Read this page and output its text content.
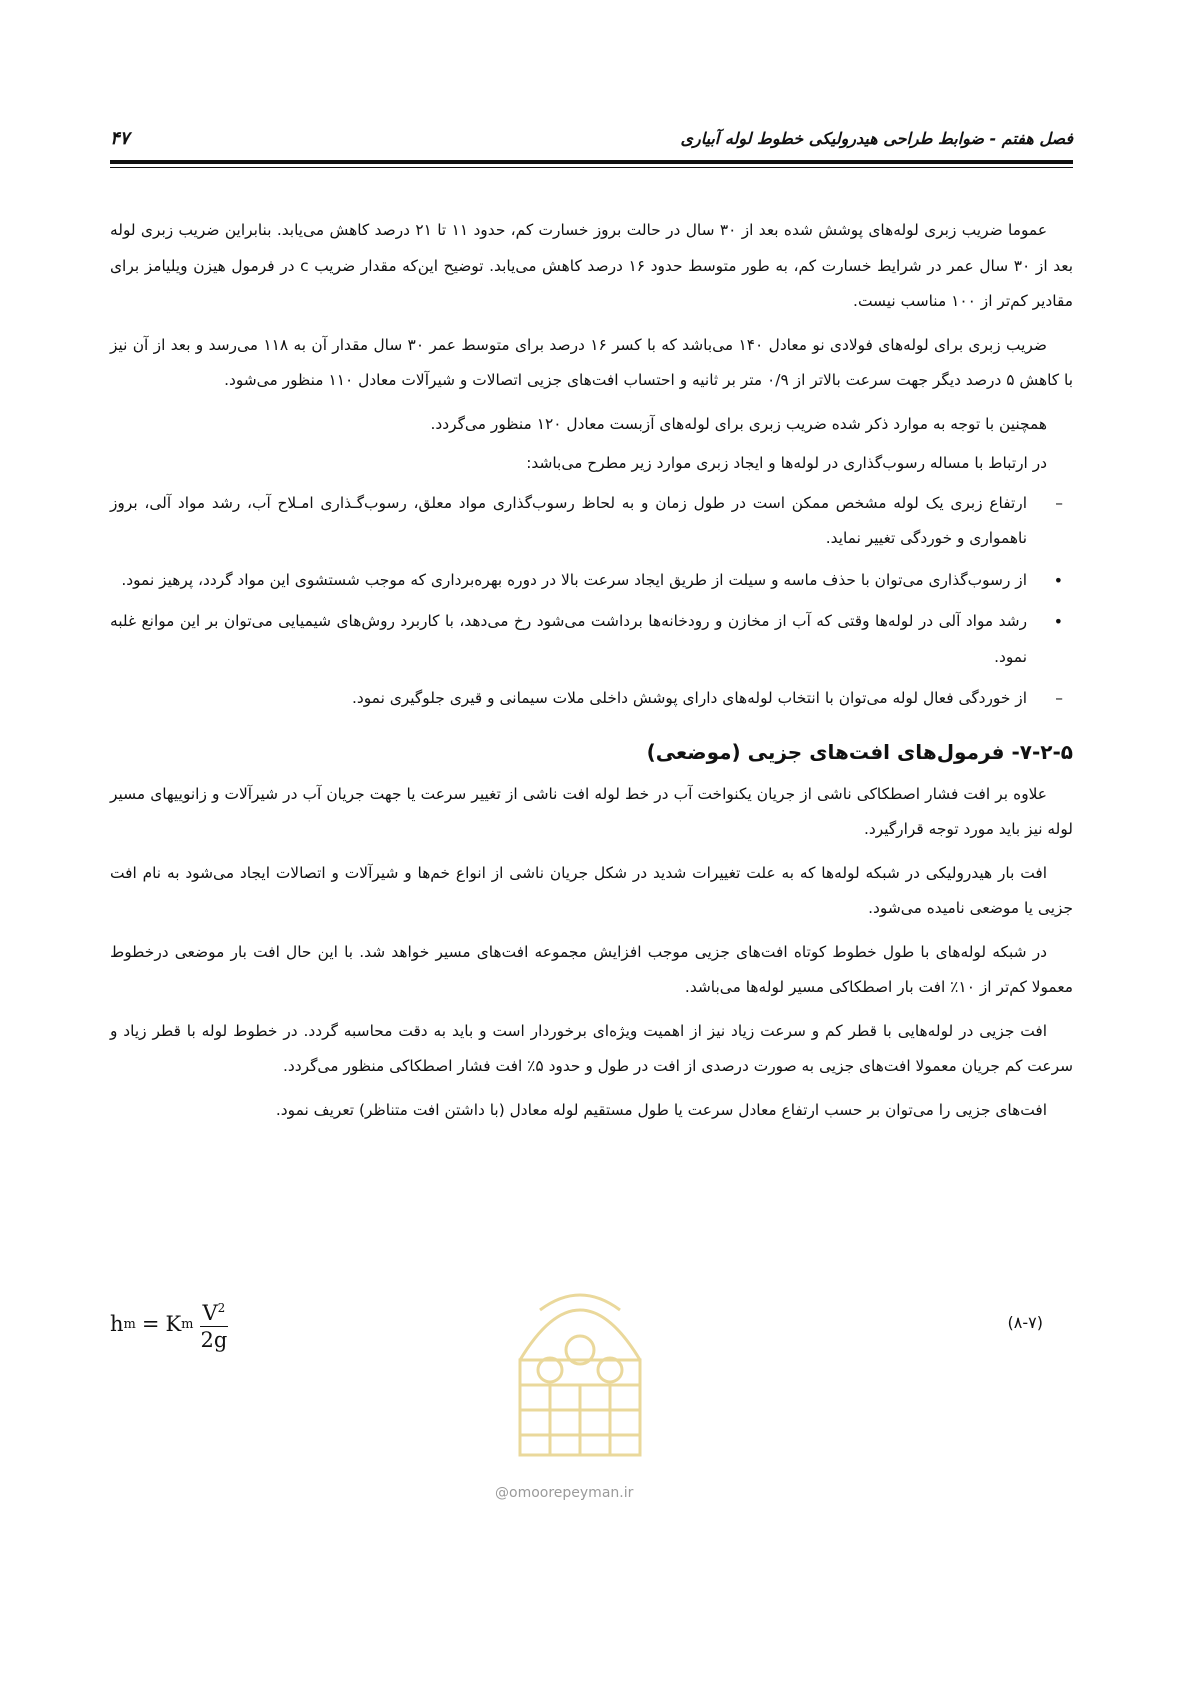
فصل هفتم - ضوابط طراحی هیدرولیکی خطوط لوله آبیاری
۴۷

عموما ضریب زبری لوله‌های پوشش شده بعد از ۳۰ سال در حالت بروز خسارت کم، حدود ۱۱ تا ۲۱ درصد کاهش می‌یابد. بنابراین ضریب زبری لوله بعد از ۳۰ سال عمر در شرایط خسارت کم، به طور متوسط حدود ۱۶ درصد کاهش می‌یابد. توضیح این‌که مقدار ضریب c در فرمول هیزن ویلیامز برای مقادیر کم‌تر از ۱۰۰ مناسب نیست.

ضریب زبری برای لوله‌های فولادی نو معادل ۱۴۰ می‌باشد که با کسر ۱۶ درصد برای متوسط عمر ۳۰ سال مقدار آن به ۱۱۸ می‌رسد و بعد از آن نیز با کاهش ۵ درصد دیگر جهت سرعت بالاتر از ۰/۹ متر بر ثانیه و احتساب افت‌های جزیی اتصالات و شیرآلات معادل ۱۱۰ منظور می‌شود.

همچنین با توجه به موارد ذکر شده ضریب زبری برای لوله‌های آزبست معادل ۱۲۰ منظور می‌گردد.

در ارتباط با مساله رسوب‌گذاری در لوله‌ها و ایجاد زبری موارد زیر مطرح می‌باشد:

–
ارتفاع زبری یک لوله مشخص ممکن است در طول زمان و به لحاظ رسوب‌گذاری مواد معلق، رسوب‌گـذاری امـلاح آب، رشد مواد آلی، بروز ناهمواری و خوردگی تغییر نماید.
•
از رسوب‌گذاری می‌توان با حذف ماسه و سیلت از طریق ایجاد سرعت بالا در دوره بهره‌برداری که موجب شستشوی این مواد گردد، پرهیز نمود.
•
رشد مواد آلی در لوله‌ها وقتی که آب از مخازن و رودخانه‌ها برداشت می‌شود رخ می‌دهد، با کاربرد روش‌های شیمیایی می‌توان بر این موانع غلبه نمود.
–
از خوردگی فعال لوله می‌توان با انتخاب لوله‌های دارای پوشش داخلی ملات سیمانی و قیری جلوگیری نمود.
۷-۲-۵- فرمول‌های افت‌های جزیی (موضعی)

علاوه بر افت فشار اصطکاکی ناشی از جریان یکنواخت آب در خط لوله افت ناشی از تغییر سرعت یا جهت جریان آب در شیرآلات و زانوییهای مسیر لوله نیز باید مورد توجه قرارگیرد.

افت بار هیدرولیکی در شبکه لوله‌ها که به علت تغییرات شدید در شکل جریان ناشی از انواع خم‌ها و شیرآلات و اتصالات ایجاد می‌شود به نام افت جزیی یا موضعی نامیده می‌شود.

در شبکه لوله‌های با طول خطوط کوتاه افت‌های جزیی موجب افزایش مجموعه افت‌های مسیر خواهد شد. با این حال افت بار موضعی درخطوط معمولا کم‌تر از ۱۰٪ افت بار اصطکاکی مسیر لوله‌ها می‌باشد.

افت جزیی در لوله‌هایی با قطر کم و سرعت زیاد نیز از اهمیت ویژه‌ای برخوردار است و باید به دقت محاسبه گردد. در خطوط لوله با قطر زیاد و سرعت کم جریان معمولا افت‌های جزیی به صورت درصدی از افت در طول و حدود ۵٪ افت فشار اصطکاکی منظور می‌گردد.

افت‌های جزیی را می‌توان بر حسب ارتفاع معادل سرعت یا طول مستقیم لوله معادل (با داشتن افت متناظر) تعریف نمود.

h m = K m $\frac{V^2}{2g}$	(۸-۷)
@omoorepeyman.ir
